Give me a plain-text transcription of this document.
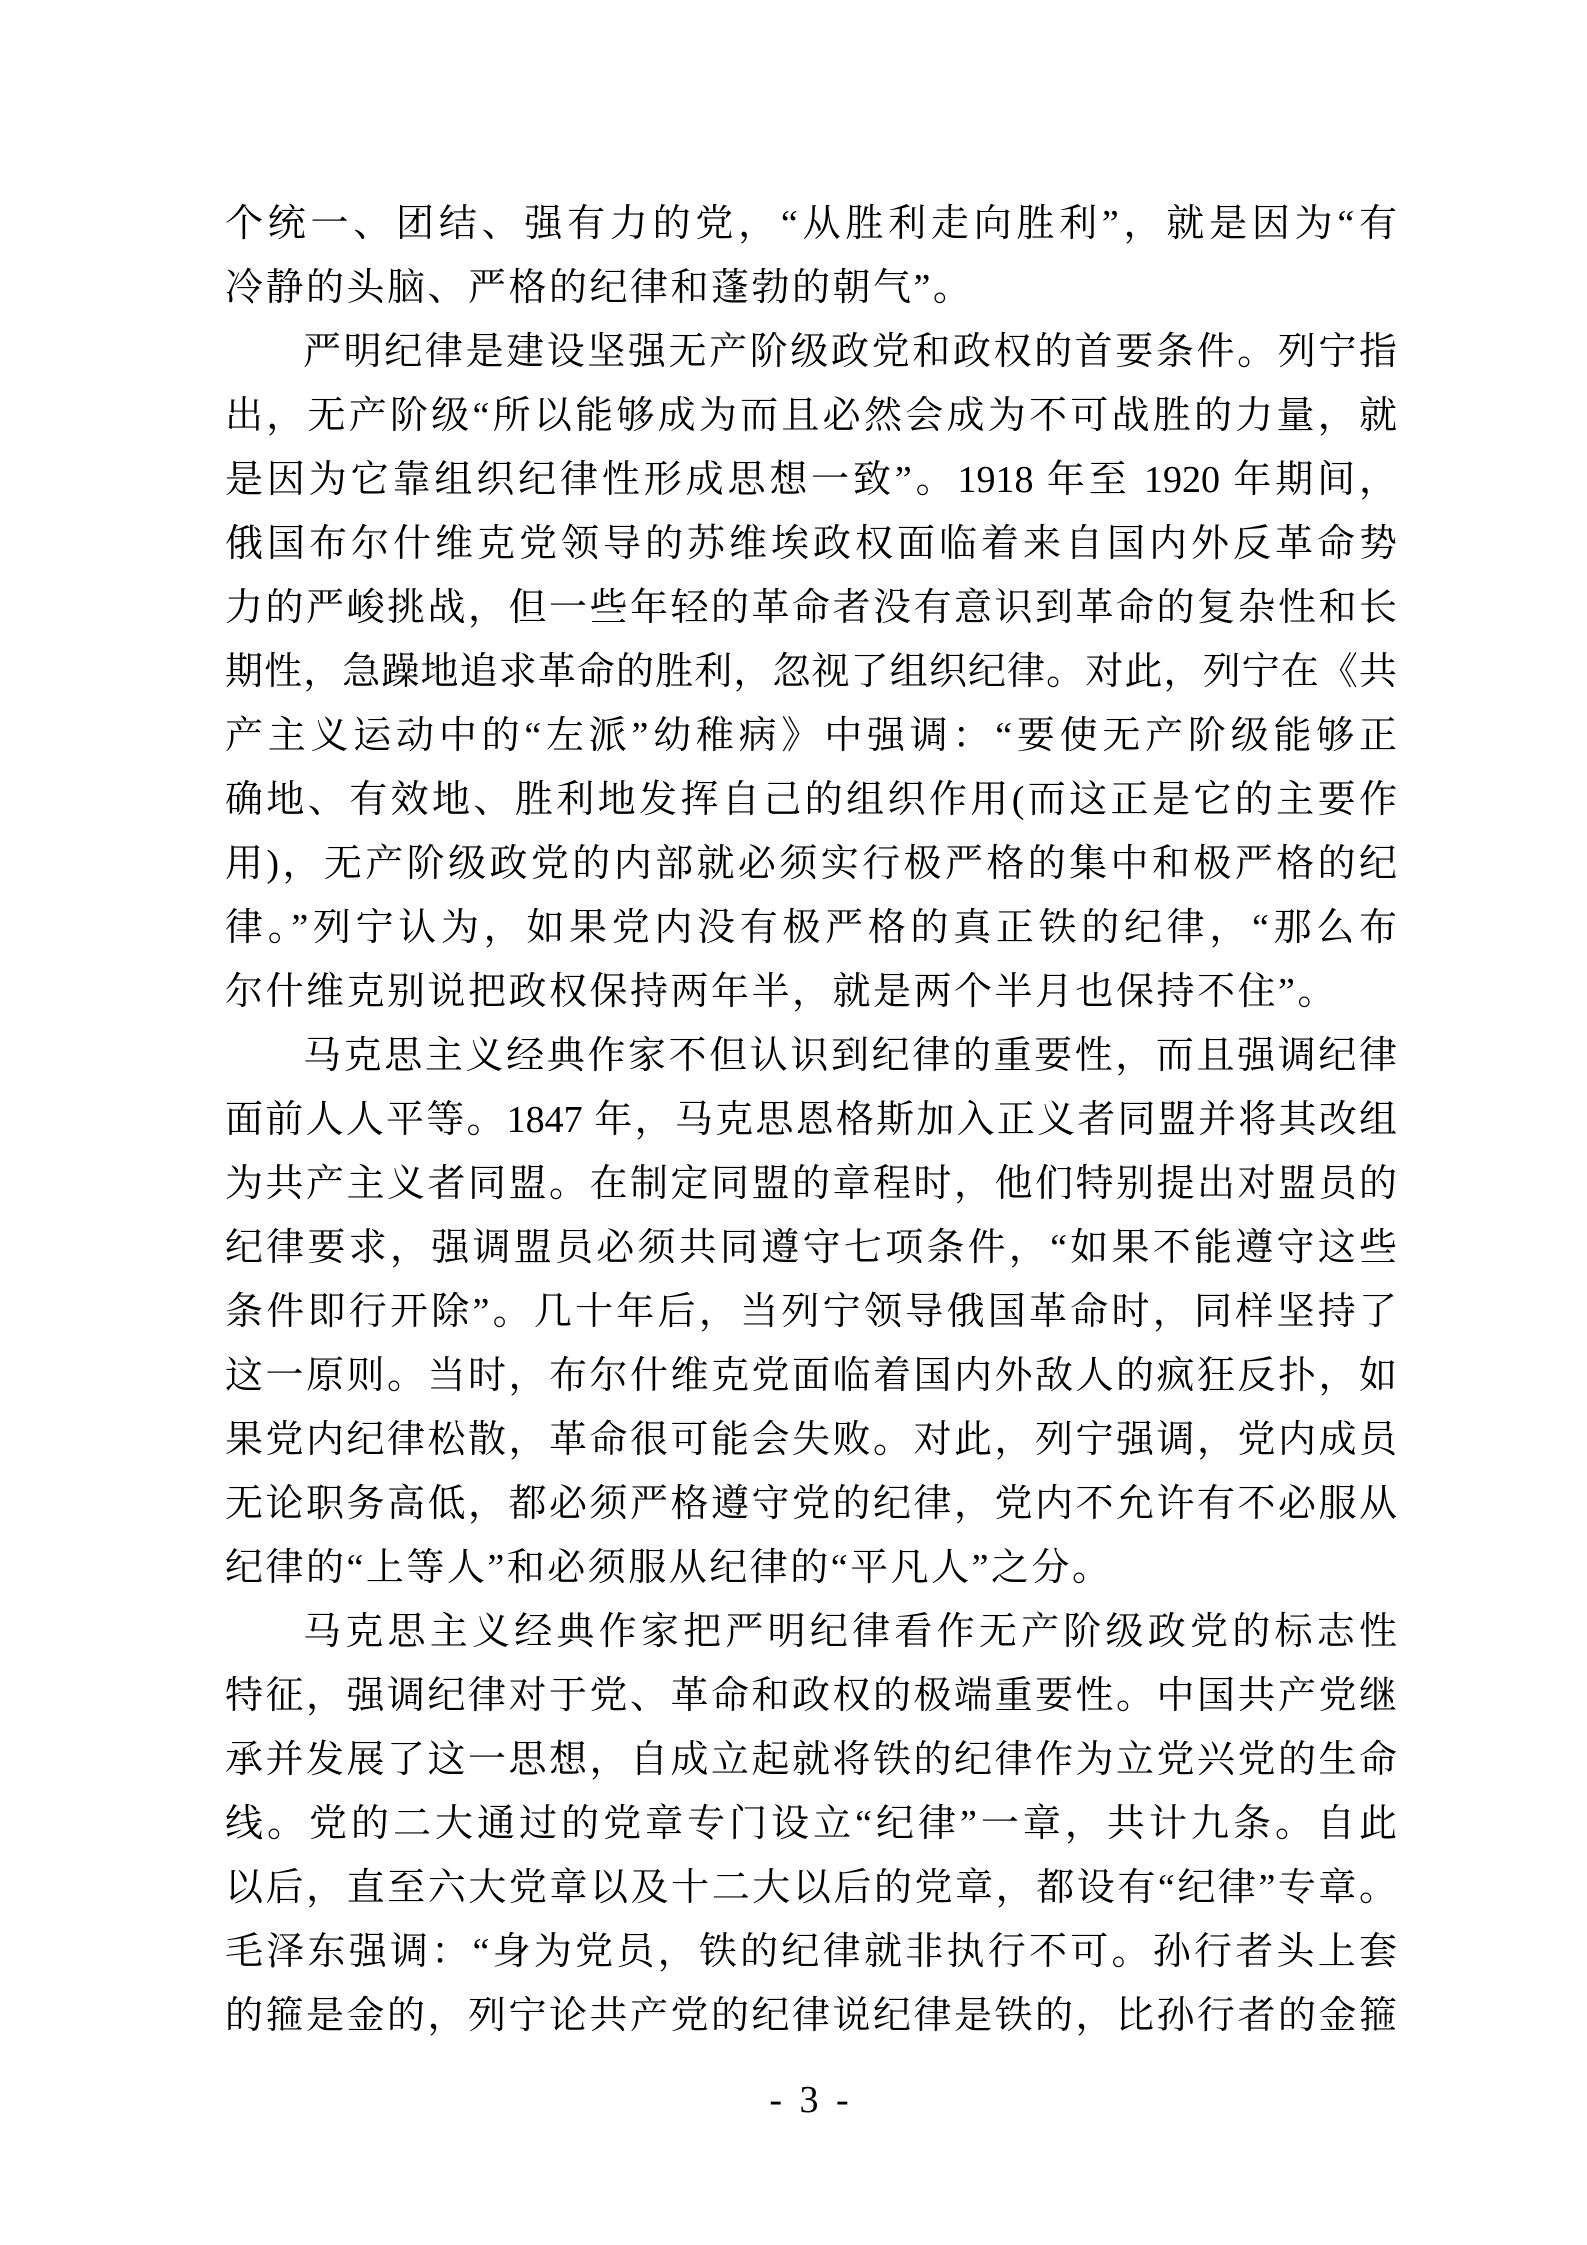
个统一、团结、强有力的党，“从胜利走向胜利”，就是因为“有
冷静的头脑、严格的纪律和蓬勃的朝气”。
严明纪律是建设坚强无产阶级政党和政权的首要条件。列宁指
出，无产阶级“所以能够成为而且必然会成为不可战胜的力量，就
是因为它靠组织纪律性形成思想一致”。1918 年至 1920 年期间，
俄国布尔什维克党领导的苏维埃政权面临着来自国内外反革命势
力的严峻挑战，但一些年轻的革命者没有意识到革命的复杂性和长
期性，急躁地追求革命的胜利，忽视了组织纪律。对此，列宁在《共
产主义运动中的“左派”幼稚病》中强调：“要使无产阶级能够正
确地、有效地、胜利地发挥自己的组织作用(而这正是它的主要作
用)，无产阶级政党的内部就必须实行极严格的集中和极严格的纪
律。”列宁认为，如果党内没有极严格的真正铁的纪律，“那么布
尔什维克别说把政权保持两年半，就是两个半月也保持不住”。
马克思主义经典作家不但认识到纪律的重要性，而且强调纪律
面前人人平等。1847 年，马克思恩格斯加入正义者同盟并将其改组
为共产主义者同盟。在制定同盟的章程时，他们特别提出对盟员的
纪律要求，强调盟员必须共同遵守七项条件，“如果不能遵守这些
条件即行开除”。几十年后，当列宁领导俄国革命时，同样坚持了
这一原则。当时，布尔什维克党面临着国内外敌人的疯狂反扑，如
果党内纪律松散，革命很可能会失败。对此，列宁强调，党内成员
无论职务高低，都必须严格遵守党的纪律，党内不允许有不必服从
纪律的“上等人”和必须服从纪律的“平凡人”之分。
马克思主义经典作家把严明纪律看作无产阶级政党的标志性
特征，强调纪律对于党、革命和政权的极端重要性。中国共产党继
承并发展了这一思想，自成立起就将铁的纪律作为立党兴党的生命
线。党的二大通过的党章专门设立“纪律”一章，共计九条。自此
以后，直至六大党章以及十二大以后的党章，都设有“纪律”专章。
毛泽东强调：“身为党员，铁的纪律就非执行不可。孙行者头上套
的箍是金的，列宁论共产党的纪律说纪律是铁的，比孙行者的金箍
- 3 -
